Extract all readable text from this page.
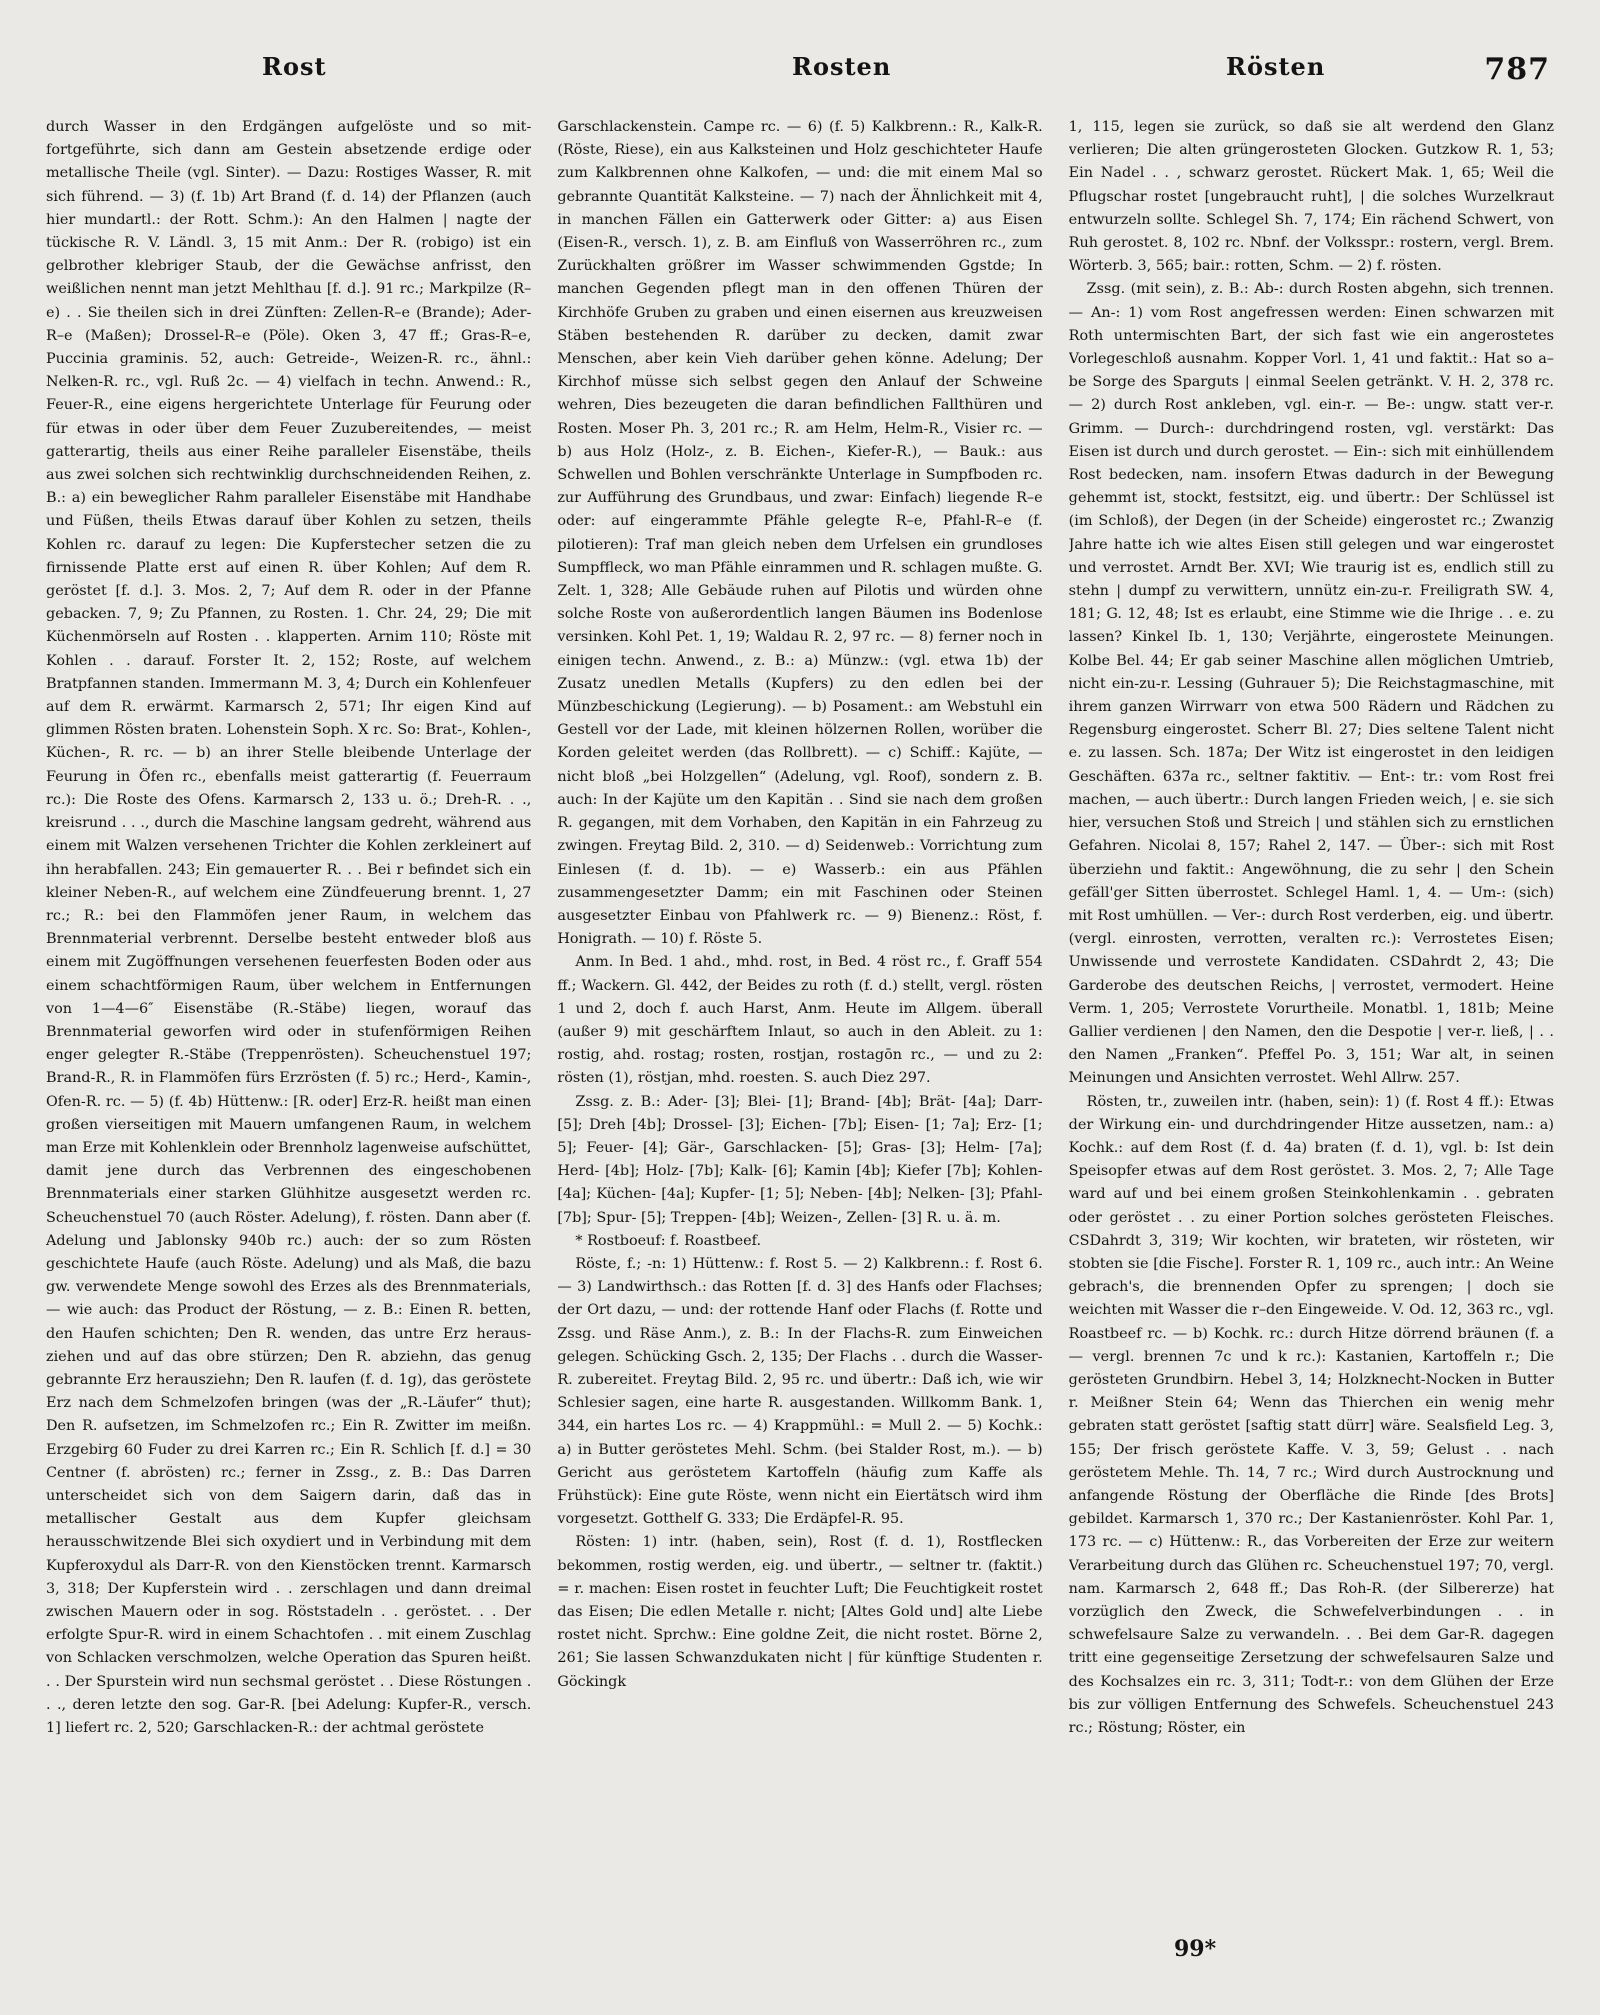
Rost	Rosten	Rösten	787

durch Wasser in den Erdgängen aufgelöste und so mit-fortgeführte, sich dann am Gestein absetzende erdige oder metallische Theile (vgl. Sinter). — Dazu: Rostiges Wasser, R. mit sich führend. — 3) (f. 1b) Art Brand (f. d. 14) der Pflanzen (auch hier mundartl.: der Rott. Schm.): An den Halmen | nagte der tückische R. V. Ländl. 3, 15 mit Anm.: Der R. (robigo) ist ein gelbrother klebriger Staub, der die Gewächse anfrisst, den weißlichen nennt man jetzt Mehlthau [f. d.]. 91 rc.; Markpilze (R–e) . . Sie theilen sich in drei Zünften: Zellen-R–e (Brande); Ader-R–e (Maßen); Drossel-R–e (Pöle). Oken 3, 47 ff.; Gras-R–e, Puccinia graminis. 52, auch: Getreide-, Weizen-R. rc., ähnl.: Nelken-R. rc., vgl. Ruß 2c. — 4) vielfach in techn. Anwend.: R., Feuer-R., eine eigens hergerichtete Unterlage für Feurung oder für etwas in oder über dem Feuer Zuzubereitendes, — meist gatterartig, theils aus einer Reihe paralleler Eisenstäbe, theils aus zwei solchen sich rechtwinklig durchschneidenden Reihen, z. B.: a) ein beweglicher Rahm paralleler Eisenstäbe mit Handhabe und Füßen, theils Etwas darauf über Kohlen zu setzen, theils Kohlen rc. darauf zu legen: Die Kupferstecher setzen die zu firnissende Platte erst auf einen R. über Kohlen; Auf dem R. geröstet [f. d.]. 3. Mos. 2, 7; Auf dem R. oder in der Pfanne gebacken. 7, 9; Zu Pfannen, zu Rosten. 1. Chr. 24, 29; Die mit Küchenmörseln auf Rosten . . klapperten. Arnim 110; Röste mit Kohlen . . darauf. Forster It. 2, 152; Roste, auf welchem Bratpfannen standen. Immermann M. 3, 4; Durch ein Kohlenfeuer auf dem R. erwärmt. Karmarsch 2, 571; Ihr eigen Kind auf glimmen Rösten braten. Lohenstein Soph. X rc. So: Brat-, Kohlen-, Küchen-, R. rc. — b) an ihrer Stelle bleibende Unterlage der Feurung in Öfen rc., ebenfalls meist gatterartig (f. Feuerraum rc.): Die Roste des Ofens. Karmarsch 2, 133 u. ö.; Dreh-R. . ., kreisrund . . ., durch die Maschine langsam gedreht, während aus einem mit Walzen versehenen Trichter die Kohlen zerkleinert auf ihn herabfallen. 243; Ein gemauerter R. . . Bei r befindet sich ein kleiner Neben-R., auf welchem eine Zündfeuerung brennt. 1, 27 rc.; R.: bei den Flammöfen jener Raum, in welchem das Brennmaterial verbrennt. Derselbe besteht entweder bloß aus einem mit Zugöffnungen versehenen feuerfesten Boden oder aus einem schachtförmigen Raum, über welchem in Entfernungen von 1—4—6″ Eisenstäbe (R.-Stäbe) liegen, worauf das Brennmaterial geworfen wird oder in stufenförmigen Reihen enger gelegter R.-Stäbe (Treppenrösten). Scheuchenstuel 197; Brand-R., R. in Flammöfen fürs Erzrösten (f. 5) rc.; Herd-, Kamin-, Ofen-R. rc. — 5) (f. 4b) Hüttenw.: [R. oder] Erz-R. heißt man einen großen vierseitigen mit Mauern umfangenen Raum, in welchem man Erze mit Kohlenklein oder Brennholz lagenweise aufschüttet, damit jene durch das Verbrennen des eingeschobenen Brennmaterials einer starken Glühhitze ausgesetzt werden rc. Scheuchenstuel 70 (auch Röster. Adelung), f. rösten. Dann aber (f. Adelung und Jablonsky 940b rc.) auch: der so zum Rösten geschichtete Haufe (auch Röste. Adelung) und als Maß, die bazu gw. verwendete Menge sowohl des Erzes als des Brennmaterials, — wie auch: das Product der Röstung, — z. B.: Einen R. betten, den Haufen schichten; Den R. wenden, das untre Erz heraus-ziehen und auf das obre stürzen; Den R. abziehn, das genug gebrannte Erz herausziehn; Den R. laufen (f. d. 1g), das geröstete Erz nach dem Schmelzofen bringen (was der „R.-Läufer“ thut); Den R. aufsetzen, im Schmelzofen rc.; Ein R. Zwitter im meißn. Erzgebirg 60 Fuder zu drei Karren rc.; Ein R. Schlich [f. d.] = 30 Centner (f. abrösten) rc.; ferner in Zssg., z. B.: Das Darren unterscheidet sich von dem Saigern darin, daß das in metallischer Gestalt aus dem Kupfer gleichsam herausschwitzende Blei sich oxydiert und in Verbindung mit dem Kupferoxydul als Darr-R. von den Kienstöcken trennt. Karmarsch 3, 318; Der Kupferstein wird . . zerschlagen und dann dreimal zwischen Mauern oder in sog. Röststadeln . . geröstet. . . Der erfolgte Spur-R. wird in einem Schachtofen . . mit einem Zuschlag von Schlacken verschmolzen, welche Operation das Spuren heißt. . . Der Spurstein wird nun sechsmal geröstet . . Diese Röstungen . . ., deren letzte den sog. Gar-R. [bei Adelung: Kupfer-R., versch. 1] liefert rc. 2, 520; Garschlacken-R.: der achtmal geröstete

Garschlackenstein. Campe rc. — 6) (f. 5) Kalkbrenn.: R., Kalk-R. (Röste, Riese), ein aus Kalksteinen und Holz geschichteter Haufe zum Kalkbrennen ohne Kalkofen, — und: die mit einem Mal so gebrannte Quantität Kalksteine. — 7) nach der Ähnlichkeit mit 4, in manchen Fällen ein Gatterwerk oder Gitter: a) aus Eisen (Eisen-R., versch. 1), z. B. am Einfluß von Wasserröhren rc., zum Zurückhalten größrer im Wasser schwimmenden Ggstde; In manchen Gegenden pflegt man in den offenen Thüren der Kirchhöfe Gruben zu graben und einen eisernen aus kreuzweisen Stäben bestehenden R. darüber zu decken, damit zwar Menschen, aber kein Vieh darüber gehen könne. Adelung; Der Kirchhof müsse sich selbst gegen den Anlauf der Schweine wehren, Dies bezeugeten die daran befindlichen Fallthüren und Rosten. Moser Ph. 3, 201 rc.; R. am Helm, Helm-R., Visier rc. — b) aus Holz (Holz-, z. B. Eichen-, Kiefer-R.), — Bauk.: aus Schwellen und Bohlen verschränkte Unterlage in Sumpfboden rc. zur Aufführung des Grundbaus, und zwar: Einfach) liegende R–e oder: auf eingerammte Pfähle gelegte R–e, Pfahl-R–e (f. pilotieren): Traf man gleich neben dem Urfelsen ein grundloses Sumpffleck, wo man Pfähle einrammen und R. schlagen mußte. G. Zelt. 1, 328; Alle Gebäude ruhen auf Pilotis und würden ohne solche Roste von außerordentlich langen Bäumen ins Bodenlose versinken. Kohl Pet. 1, 19; Waldau R. 2, 97 rc. — 8) ferner noch in einigen techn. Anwend., z. B.: a) Münzw.: (vgl. etwa 1b) der Zusatz unedlen Metalls (Kupfers) zu den edlen bei der Münzbeschickung (Legierung). — b) Posament.: am Webstuhl ein Gestell vor der Lade, mit kleinen hölzernen Rollen, worüber die Korden geleitet werden (das Rollbrett). — c) Schiff.: Kajüte, — nicht bloß „bei Holzgellen“ (Adelung, vgl. Roof), sondern z. B. auch: In der Kajüte um den Kapitän . . Sind sie nach dem großen R. gegangen, mit dem Vorhaben, den Kapitän in ein Fahrzeug zu zwingen. Freytag Bild. 2, 310. — d) Seidenweb.: Vorrichtung zum Einlesen (f. d. 1b). — e) Wasserb.: ein aus Pfählen zusammengesetzter Damm; ein mit Faschinen oder Steinen ausgesetzter Einbau von Pfahlwerk rc. — 9) Bienenz.: Röst, f. Honigrath. — 10) f. Röste 5.

Anm. In Bed. 1 ahd., mhd. rost, in Bed. 4 röst rc., f. Graff 554 ff.; Wackern. Gl. 442, der Beides zu roth (f. d.) stellt, vergl. rösten 1 und 2, doch f. auch Harst, Anm. Heute im Allgem. überall (außer 9) mit geschärftem Inlaut, so auch in den Ableit. zu 1: rostig, ahd. rostag; rosten, rostjan, rostagōn rc., — und zu 2: rösten (1), röstjan, mhd. roesten. S. auch Diez 297.

Zssg. z. B.: Ader- [3]; Blei- [1]; Brand- [4b]; Brät- [4a]; Darr- [5]; Dreh [4b]; Drossel- [3]; Eichen- [7b]; Eisen- [1; 7a]; Erz- [1; 5]; Feuer- [4]; Gär-, Garschlacken- [5]; Gras- [3]; Helm- [7a]; Herd- [4b]; Holz- [7b]; Kalk- [6]; Kamin [4b]; Kiefer [7b]; Kohlen- [4a]; Küchen- [4a]; Kupfer- [1; 5]; Neben- [4b]; Nelken- [3]; Pfahl- [7b]; Spur- [5]; Treppen- [4b]; Weizen-, Zellen- [3] R. u. ä. m.

* Rostboeuf: f. Roastbeef.

Röste, f.; -n: 1) Hüttenw.: f. Rost 5. — 2) Kalkbrenn.: f. Rost 6. — 3) Landwirthsch.: das Rotten [f. d. 3] des Hanfs oder Flachses; der Ort dazu, — und: der rottende Hanf oder Flachs (f. Rotte und Zssg. und Räse Anm.), z. B.: In der Flachs-R. zum Einweichen gelegen. Schücking Gsch. 2, 135; Der Flachs . . durch die Wasser-R. zubereitet. Freytag Bild. 2, 95 rc. und übertr.: Daß ich, wie wir Schlesier sagen, eine harte R. ausgestanden. Willkomm Bank. 1, 344, ein hartes Los rc. — 4) Krappmühl.: = Mull 2. — 5) Kochk.: a) in Butter geröstetes Mehl. Schm. (bei Stalder Rost, m.). — b) Gericht aus geröstetem Kartoffeln (häufig zum Kaffe als Frühstück): Eine gute Röste, wenn nicht ein Eiertätsch wird ihm vorgesetzt. Gotthelf G. 333; Die Erdäpfel-R. 95.

Rösten: 1) intr. (haben, sein), Rost (f. d. 1), Rostflecken bekommen, rostig werden, eig. und übertr., — seltner tr. (faktit.) = r. machen: Eisen rostet in feuchter Luft; Die Feuchtigkeit rostet das Eisen; Die edlen Metalle r. nicht; [Altes Gold und] alte Liebe rostet nicht. Sprchw.: Eine goldne Zeit, die nicht rostet. Börne 2, 261; Sie lassen Schwanzdukaten nicht | für künftige Studenten r. Göckingk

1, 115, legen sie zurück, so daß sie alt werdend den Glanz verlieren; Die alten grüngerosteten Glocken. Gutzkow R. 1, 53; Ein Nadel . . , schwarz gerostet. Rückert Mak. 1, 65; Weil die Pflugschar rostet [ungebraucht ruht], | die solches Wurzelkraut entwurzeln sollte. Schlegel Sh. 7, 174; Ein rächend Schwert, von Ruh gerostet. 8, 102 rc. Nbnf. der Volksspr.: rostern, vergl. Brem. Wörterb. 3, 565; bair.: rotten, Schm. — 2) f. rösten.

Zssg. (mit sein), z. B.: Ab-: durch Rosten abgehn, sich trennen. — An-: 1) vom Rost angefressen werden: Einen schwarzen mit Roth untermischten Bart, der sich fast wie ein angerostetes Vorlegeschloß ausnahm. Kopper Vorl. 1, 41 und faktit.: Hat so a–be Sorge des Sparguts | einmal Seelen getränkt. V. H. 2, 378 rc. — 2) durch Rost ankleben, vgl. ein-r. — Be-: ungw. statt ver-r. Grimm. — Durch-: durchdringend rosten, vgl. verstärkt: Das Eisen ist durch und durch gerostet. — Ein-: sich mit einhüllendem Rost bedecken, nam. insofern Etwas dadurch in der Bewegung gehemmt ist, stockt, festsitzt, eig. und übertr.: Der Schlüssel ist (im Schloß), der Degen (in der Scheide) eingerostet rc.; Zwanzig Jahre hatte ich wie altes Eisen still gelegen und war eingerostet und verrostet. Arndt Ber. XVI; Wie traurig ist es, endlich still zu stehn | dumpf zu verwittern, unnütz ein-zu-r. Freiligrath SW. 4, 181; G. 12, 48; Ist es erlaubt, eine Stimme wie die Ihrige . . e. zu lassen? Kinkel Ib. 1, 130; Verjährte, eingerostete Meinungen. Kolbe Bel. 44; Er gab seiner Maschine allen möglichen Umtrieb, nicht ein-zu-r. Lessing (Guhrauer 5); Die Reichstagmaschine, mit ihrem ganzen Wirrwarr von etwa 500 Rädern und Rädchen zu Regensburg eingerostet. Scherr Bl. 27; Dies seltene Talent nicht e. zu lassen. Sch. 187a; Der Witz ist eingerostet in den leidigen Geschäften. 637a rc., seltner faktitiv. — Ent-: tr.: vom Rost frei machen, — auch übertr.: Durch langen Frieden weich, | e. sie sich hier, versuchen Stoß und Streich | und stählen sich zu ernstlichen Gefahren. Nicolai 8, 157; Rahel 2, 147. — Über-: sich mit Rost überziehn und faktit.: Angewöhnung, die zu sehr | den Schein gefäll'ger Sitten überrostet. Schlegel Haml. 1, 4. — Um-: (sich) mit Rost umhüllen. — Ver-: durch Rost verderben, eig. und übertr. (vergl. einrosten, verrotten, veralten rc.): Verrostetes Eisen; Unwissende und verrostete Kandidaten. CSDahrdt 2, 43; Die Garderobe des deutschen Reichs, | verrostet, vermodert. Heine Verm. 1, 205; Verrostete Vorurtheile. Monatbl. 1, 181b; Meine Gallier verdienen | den Namen, den die Despotie | ver-r. ließ, | . . den Namen „Franken“. Pfeffel Po. 3, 151; War alt, in seinen Meinungen und Ansichten verrostet. Wehl Allrw. 257.

Rösten, tr., zuweilen intr. (haben, sein): 1) (f. Rost 4 ff.): Etwas der Wirkung ein- und durchdringender Hitze aussetzen, nam.: a) Kochk.: auf dem Rost (f. d. 4a) braten (f. d. 1), vgl. b: Ist dein Speisopfer etwas auf dem Rost geröstet. 3. Mos. 2, 7; Alle Tage ward auf und bei einem großen Steinkohlenkamin . . gebraten oder geröstet . . zu einer Portion solches gerösteten Fleisches. CSDahrdt 3, 319; Wir kochten, wir brateten, wir rösteten, wir stobten sie [die Fische]. Forster R. 1, 109 rc., auch intr.: An Weine gebrach's, die brennenden Opfer zu sprengen; | doch sie weichten mit Wasser die r–den Eingeweide. V. Od. 12, 363 rc., vgl. Roastbeef rc. — b) Kochk. rc.: durch Hitze dörrend bräunen (f. a — vergl. brennen 7c und k rc.): Kastanien, Kartoffeln r.; Die gerösteten Grundbirn. Hebel 3, 14; Holzknecht-Nocken in Butter r. Meißner Stein 64; Wenn das Thierchen ein wenig mehr gebraten statt geröstet [saftig statt dürr] wäre. Sealsfield Leg. 3, 155; Der frisch geröstete Kaffe. V. 3, 59; Gelust . . nach geröstetem Mehle. Th. 14, 7 rc.; Wird durch Austrocknung und anfangende Röstung der Oberfläche die Rinde [des Brots] gebildet. Karmarsch 1, 370 rc.; Der Kastanienröster. Kohl Par. 1, 173 rc. — c) Hüttenw.: R., das Vorbereiten der Erze zur weitern Verarbeitung durch das Glühen rc. Scheuchenstuel 197; 70, vergl. nam. Karmarsch 2, 648 ff.; Das Roh-R. (der Silbererze) hat vorzüglich den Zweck, die Schwefelverbindungen . . in schwefelsaure Salze zu verwandeln. . . Bei dem Gar-R. dagegen tritt eine gegenseitige Zersetzung der schwefelsauren Salze und des Kochsalzes ein rc. 3, 311; Todt-r.: von dem Glühen der Erze bis zur völligen Entfernung des Schwefels. Scheuchenstuel 243 rc.; Röstung; Röster, ein

99*
